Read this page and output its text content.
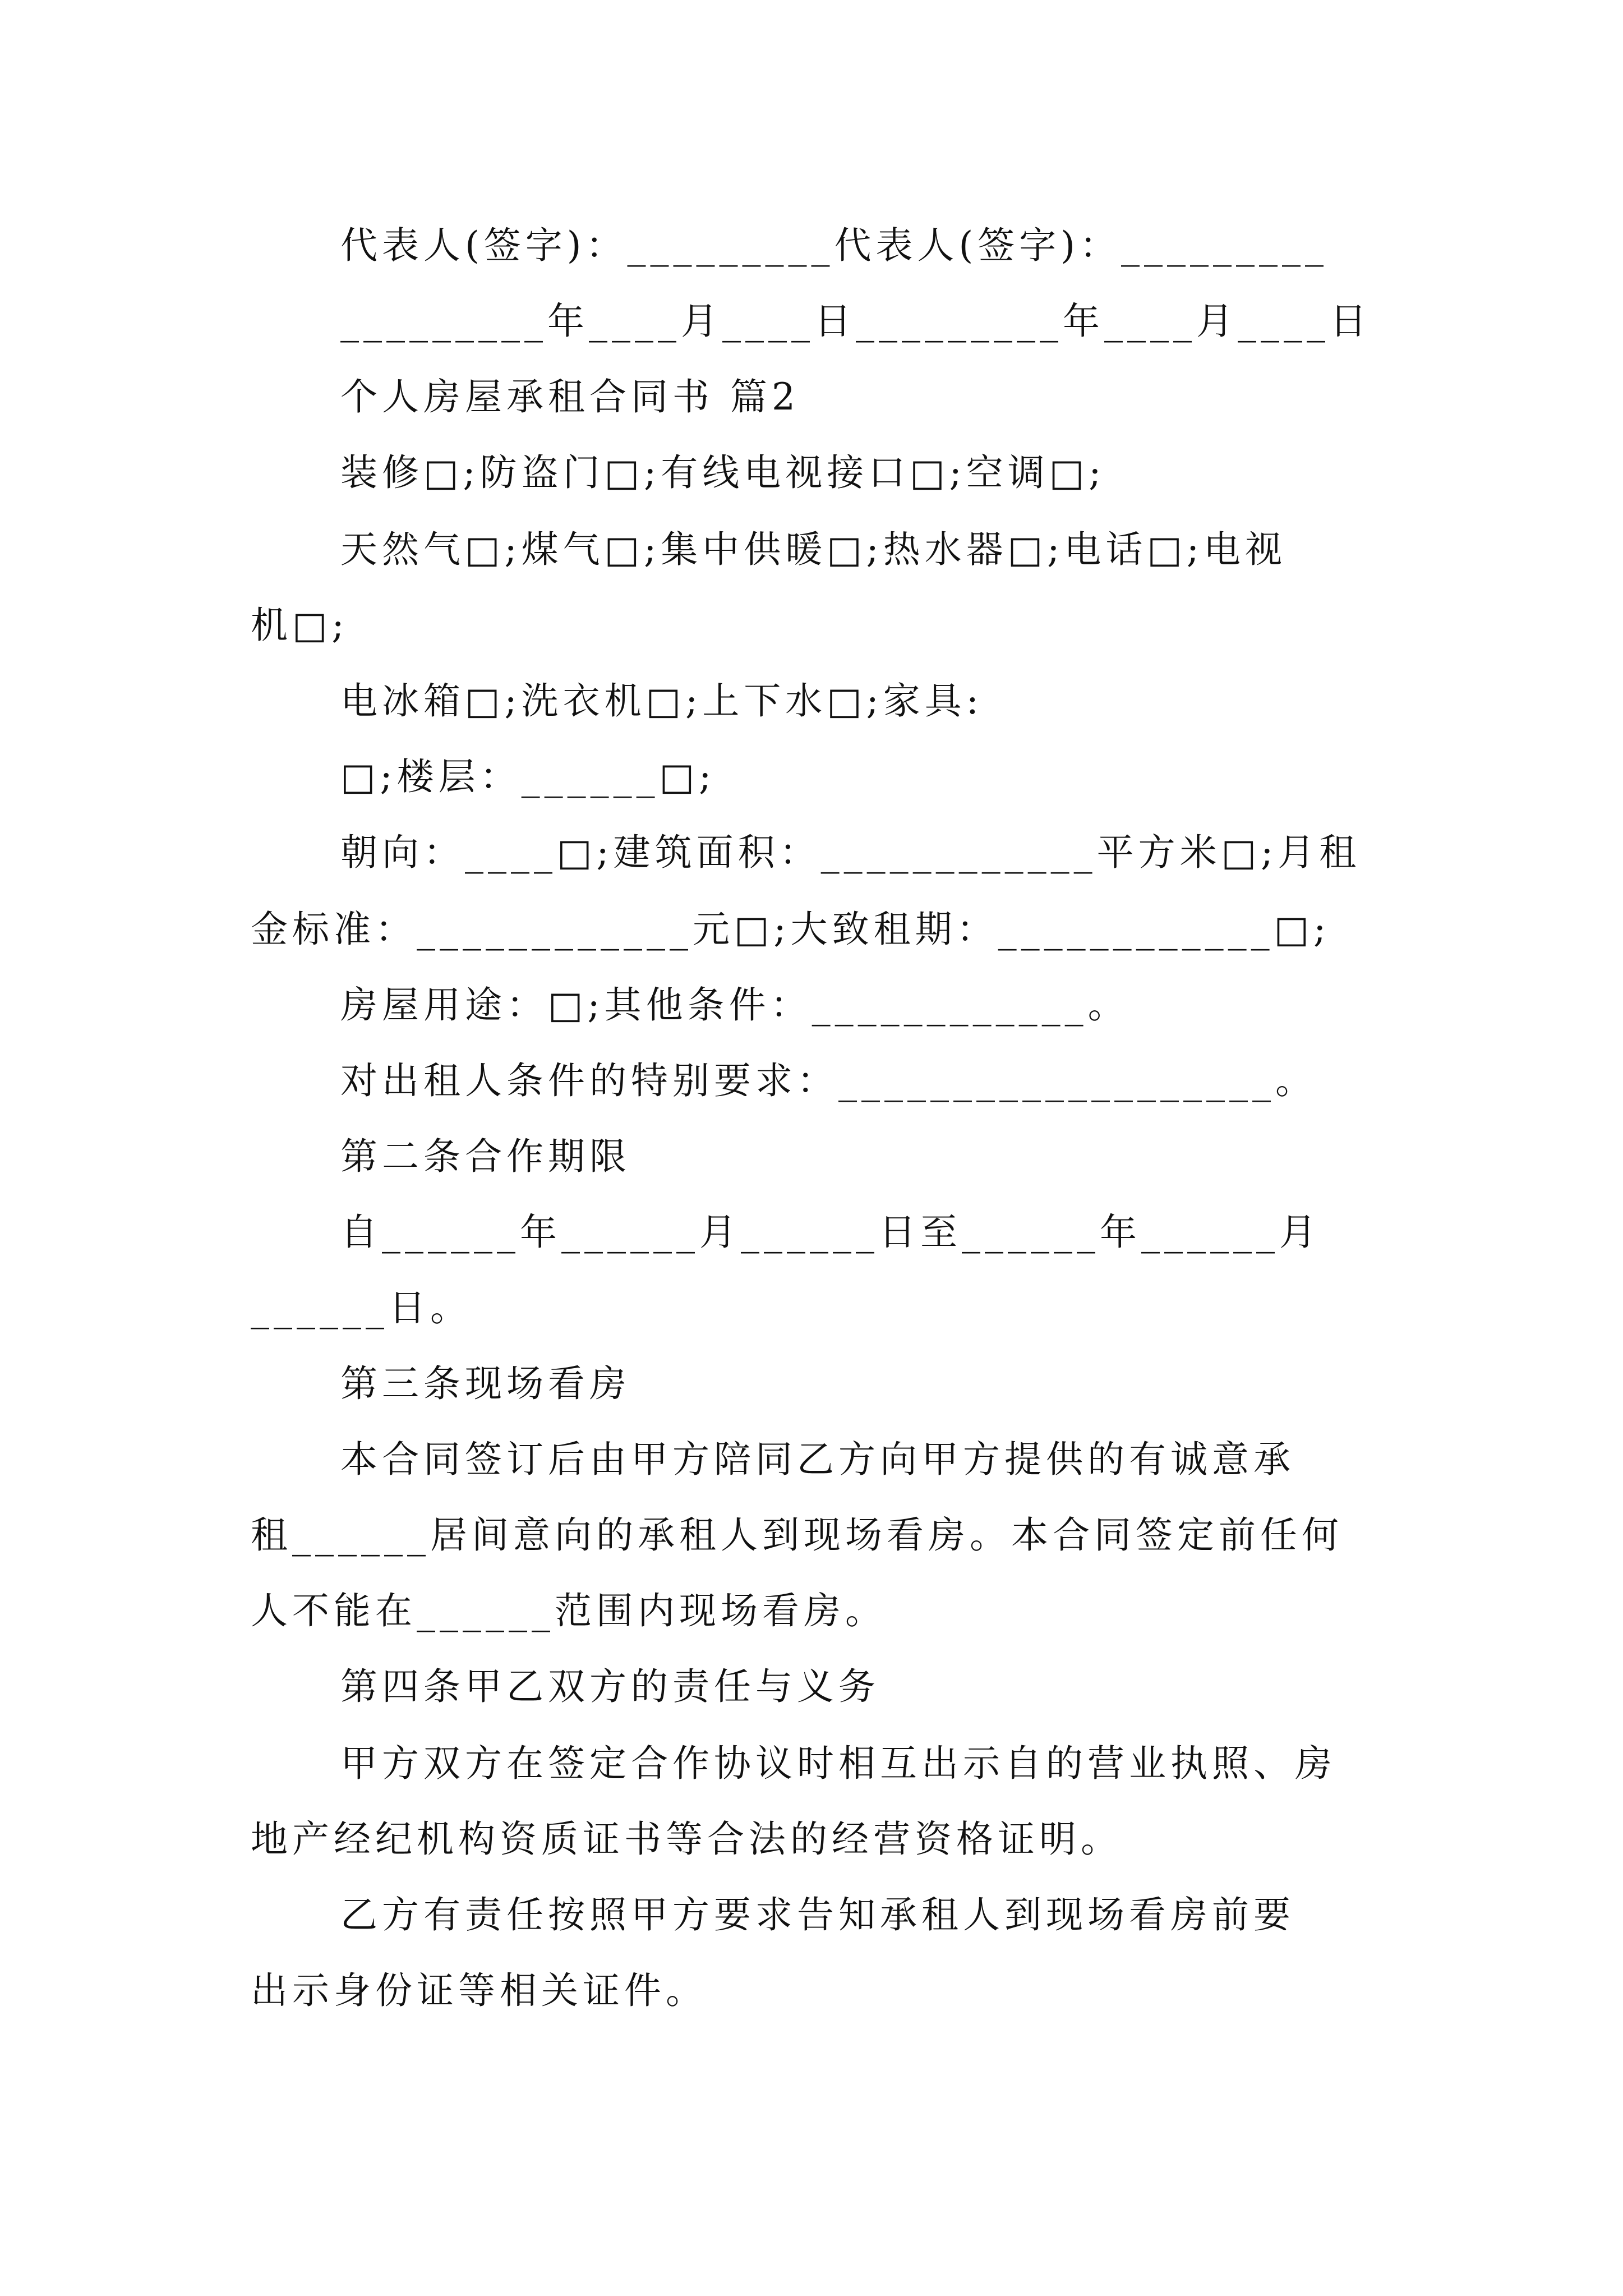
代表人(签字)：_________代表人(签字)：_________
_________年____月____日_________年____月____日
个人房屋承租合同书 篇2
装修□;防盗门□;有线电视接口□;空调□;
天然气□;煤气□;集中供暖□;热水器□;电话□;电视
机□;
电冰箱□;洗衣机□;上下水□;家具:
□;楼层：______□;
朝向：____□;建筑面积：____________平方米□;月租
金标准：____________元□;大致租期：____________□;
房屋用途：□;其他条件：____________。
对出租人条件的特别要求：___________________。
第二条合作期限
自______年______月______日至______年______月
______日。
第三条现场看房
本合同签订后由甲方陪同乙方向甲方提供的有诚意承
租______居间意向的承租人到现场看房。本合同签定前任何
人不能在______范围内现场看房。
第四条甲乙双方的责任与义务
甲方双方在签定合作协议时相互出示自的营业执照、房
地产经纪机构资质证书等合法的经营资格证明。
乙方有责任按照甲方要求告知承租人到现场看房前要
出示身份证等相关证件。
